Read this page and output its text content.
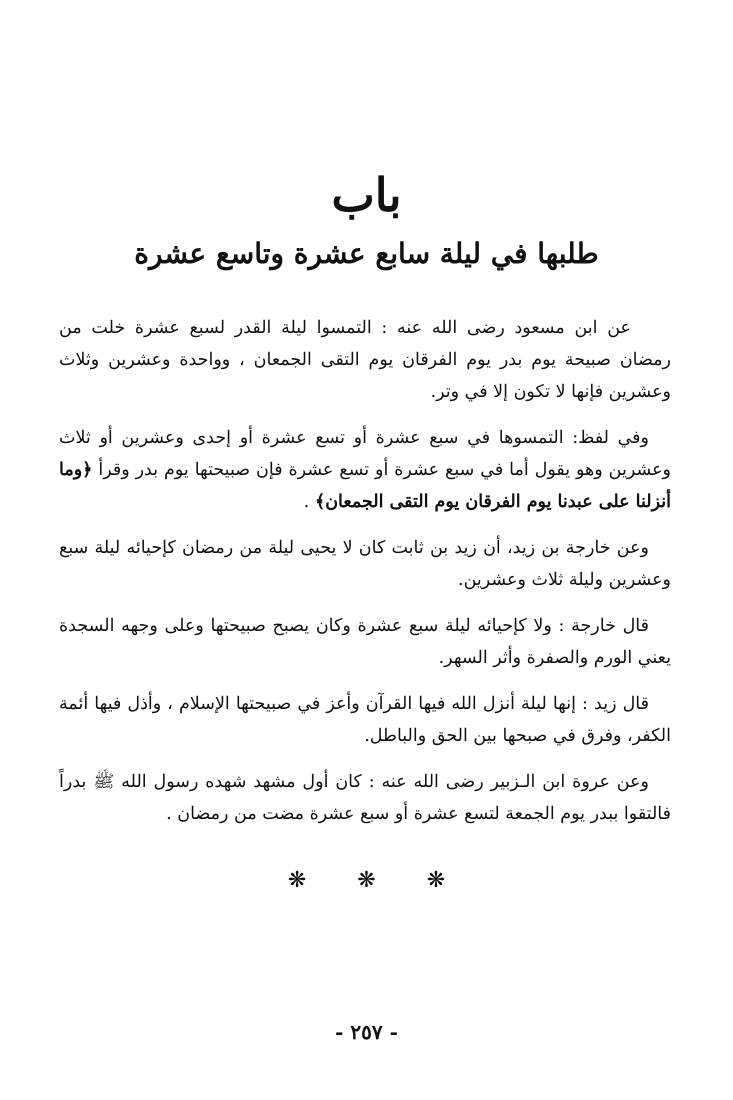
باب
طلبها في ليلة سابع عشرة وتاسع عشرة

عن ابن مسعود رضى الله عنه : التمسوا ليلة القدر لسبع عشرة خلت من رمضان صبيحة يوم بدر يوم الفرقان يوم التقى الجمعان ، وواحدة وعشرين وثلاث وعشرين فإنها لا تكون إلا في وتر.

وفي لفظ: التمسوها في سبع عشرة أو تسع عشرة أو إحدى وعشرين أو ثلاث وعشرين وهو يقول أما في سبع عشرة أو تسع عشرة فإن صبيحتها يوم بدر وقرأ ﴿وما أنزلنا على عبدنا يوم الفرقان يوم التقى الجمعان﴾ .

وعن خارجة بن زيد، أن زيد بن ثابت كان لا يحيى ليلة من رمضان كإحيائه ليلة سبع وعشرين وليلة ثلاث وعشرين.

قال خارجة : ولا كإحيائه ليلة سبع عشرة وكان يصبح صبيحتها وعلى وجهه السجدة يعني الورم والصفرة وأثر السهر.

قال زيد : إنها ليلة أنزل الله فيها القرآن وأعز في صبيحتها الإسلام ، وأذل فيها أئمة الكفر، وفرق في صبحها بين الحق والباطل.

وعن عروة ابن الـزبير رضى الله عنه : كان أول مشهد شهده رسول الله ﷺ بدراً فالتقوا ببدر يوم الجمعة لتسع عشرة أو سبع عشرة مضت من رمضان .

❋ ❋ ❋
- ٢٥٧ -
